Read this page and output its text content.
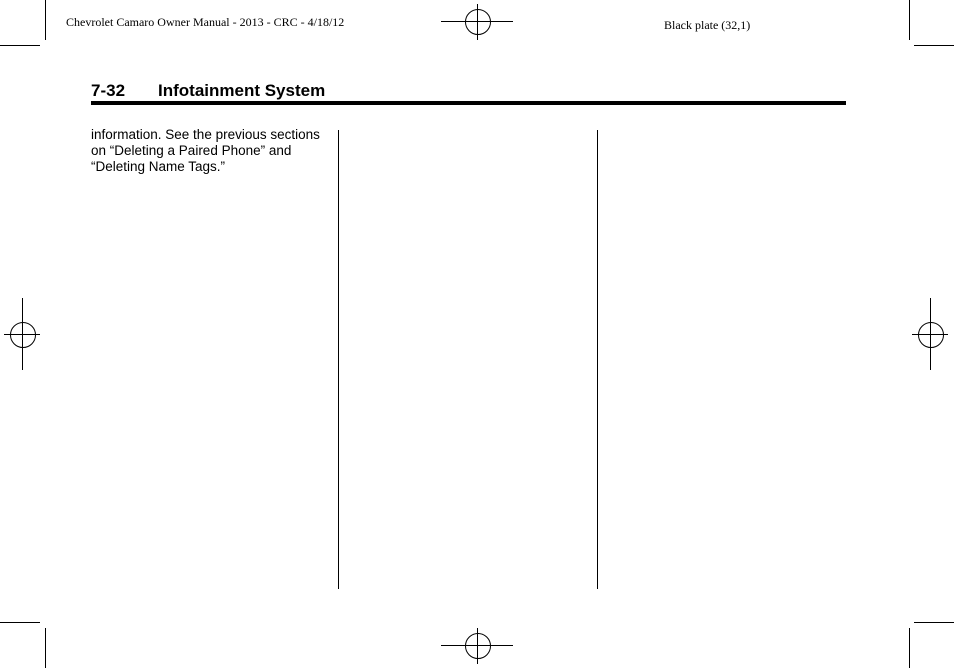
Chevrolet Camaro Owner Manual - 2013 - CRC - 4/18/12	Black plate (32,1)
7-32 Infotainment System
information. See the previous sections on “Deleting a Paired Phone” and “Deleting Name Tags.”
